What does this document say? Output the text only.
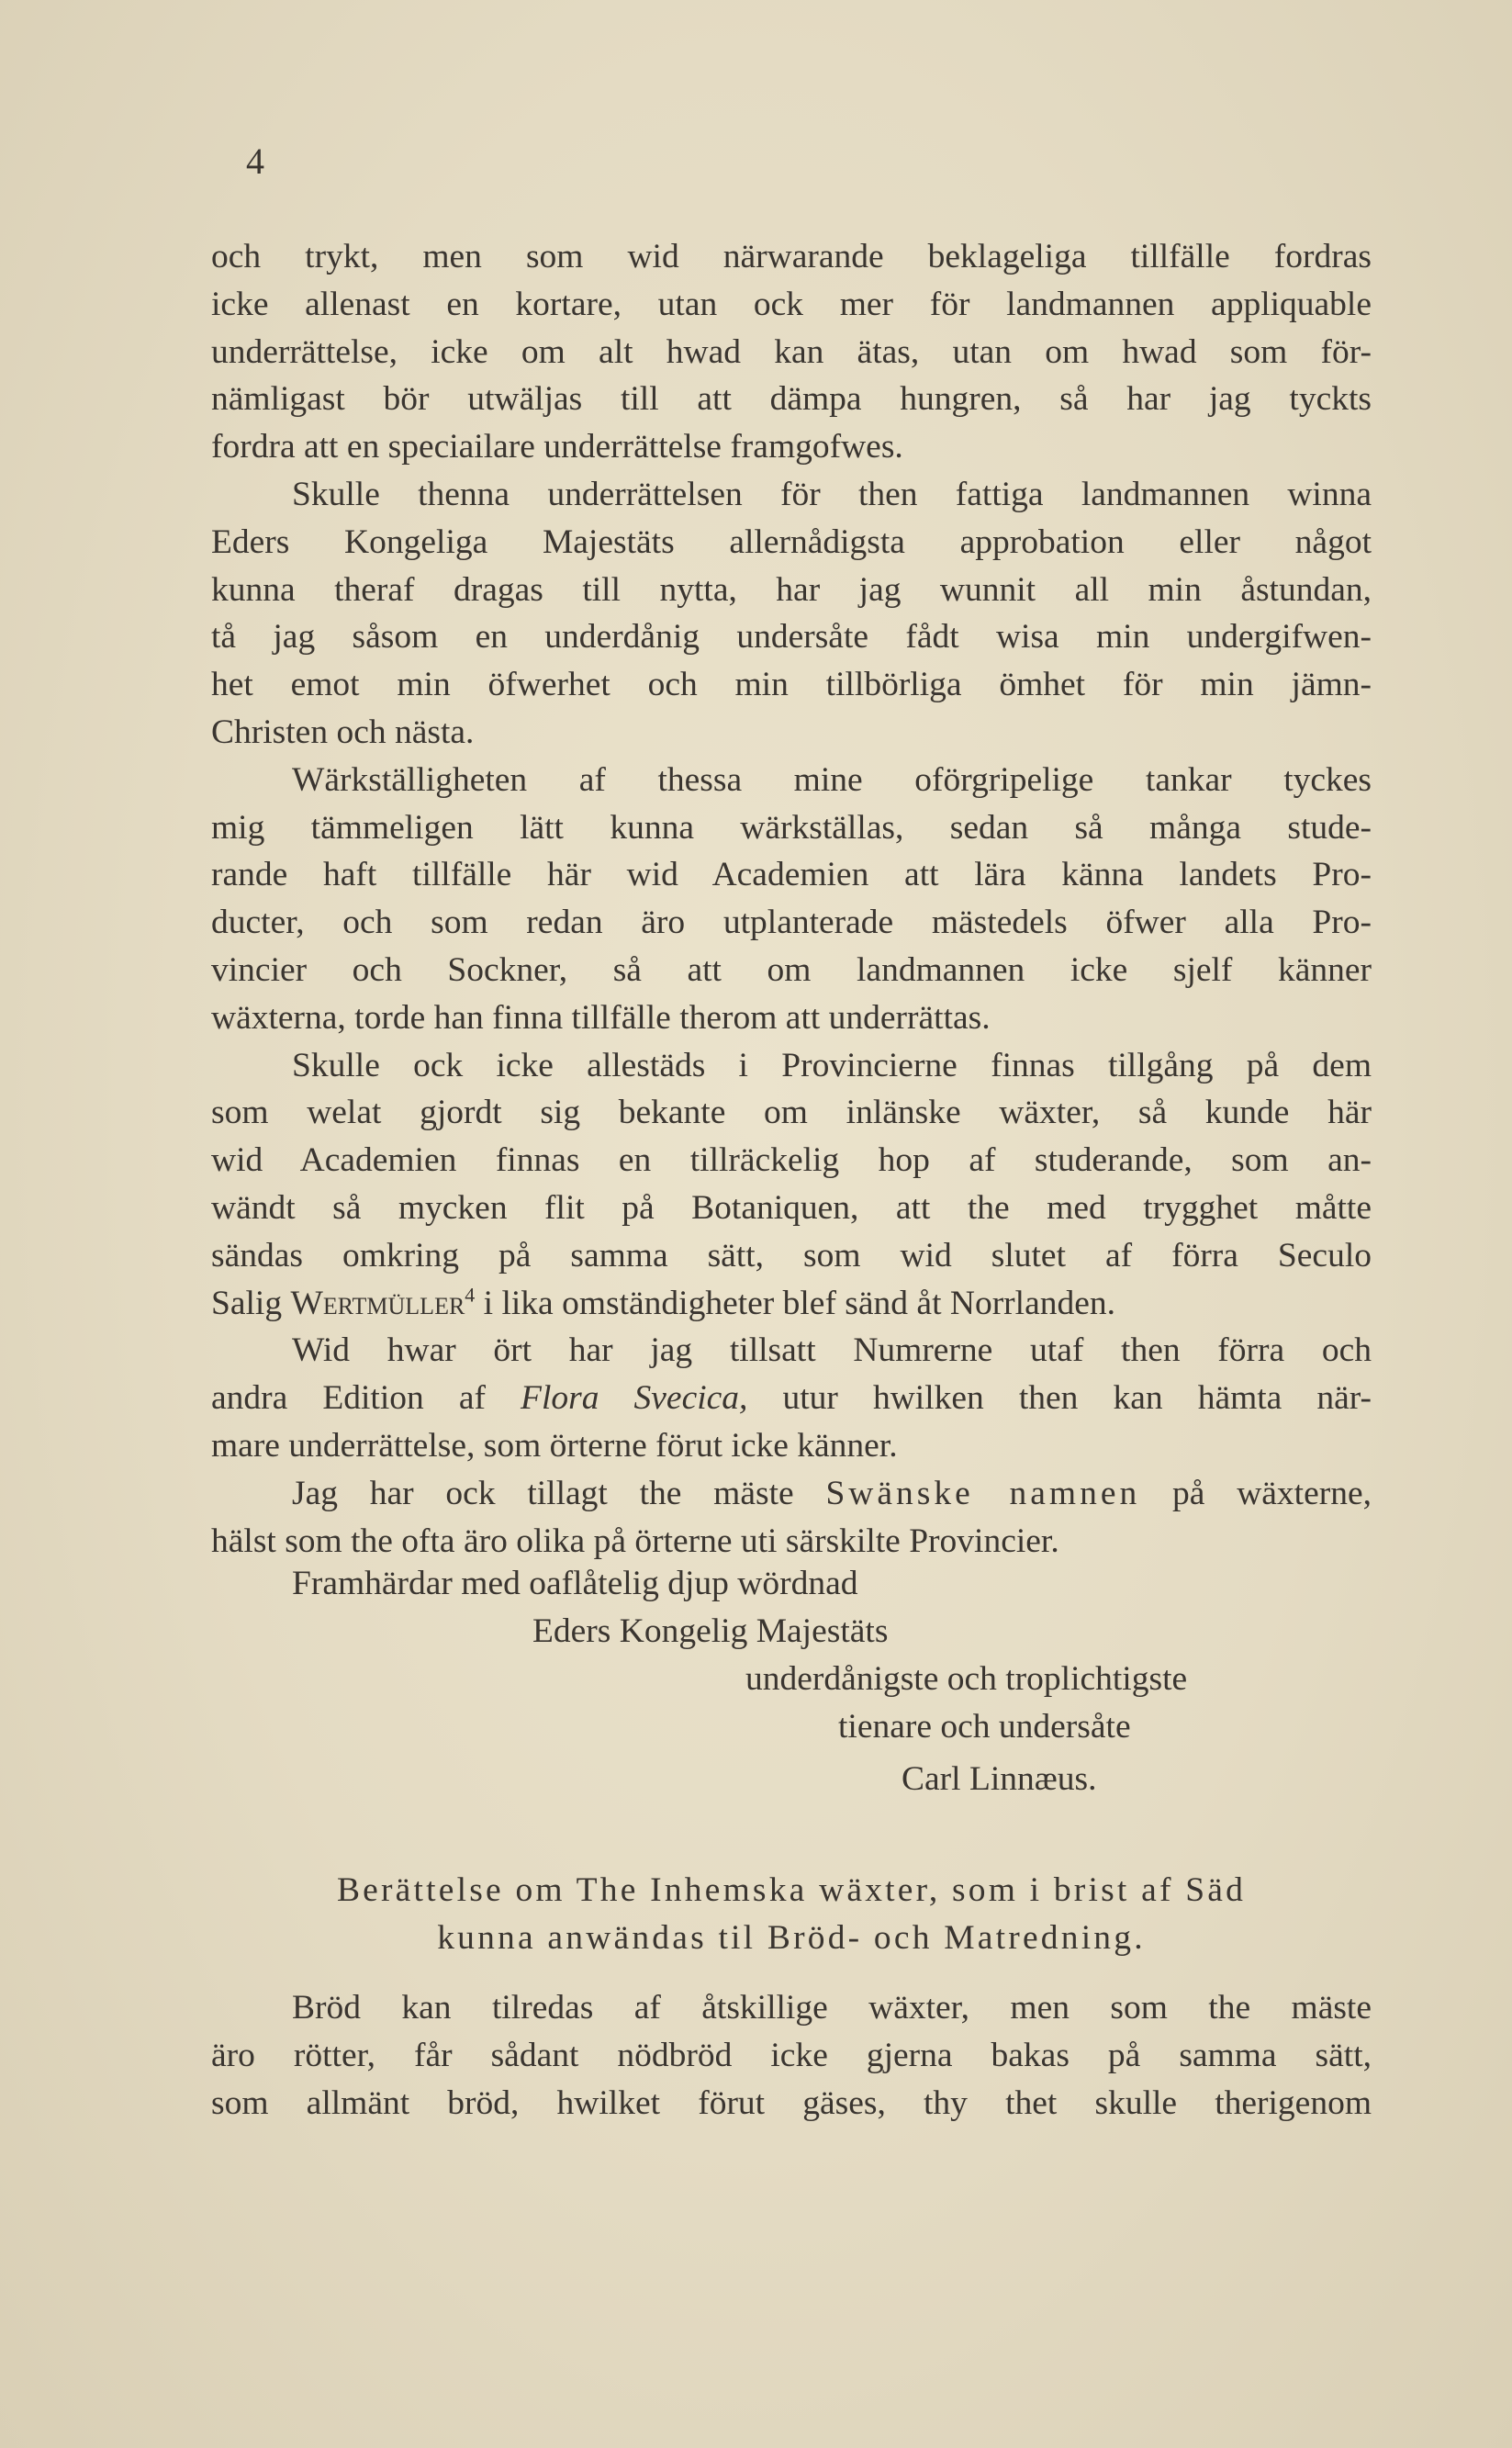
4
och trykt, men som wid närwarande beklageliga tillfälle fordras
icke allenast en kortare, utan ock mer för landmannen appliquable
underrättelse, icke om alt hwad kan ätas, utan om hwad som för-
nämligast bör utwäljas till att dämpa hungren, så har jag tyckts
fordra att en speciailare underrättelse framgofwes.
Skulle thenna underrättelsen för then fattiga landmannen winna
Eders Kongeliga Majestäts allernådigsta approbation eller något
kunna theraf dragas till nytta, har jag wunnit all min åstundan,
tå jag såsom en underdånig undersåte fådt wisa min undergifwen-
het emot min öfwerhet och min tillbörliga ömhet för min jämn-
Christen och nästa.
Wärkställigheten af thessa mine oförgripelige tankar tyckes
mig tämmeligen lätt kunna wärkställas, sedan så många stude-
rande haft tillfälle här wid Academien att lära känna landets Pro-
ducter, och som redan äro utplanterade mästedels öfwer alla Pro-
vincier och Sockner, så att om landmannen icke sjelf känner
wäxterna, torde han finna tillfälle therom att underrättas.
Skulle ock icke allestäds i Provincierne finnas tillgång på dem
som welat gjordt sig bekante om inlänske wäxter, så kunde här
wid Academien finnas en tillräckelig hop af studerande, som an-
wändt så mycken flit på Botaniquen, att the med trygghet måtte
sändas omkring på samma sätt, som wid slutet af förra Seculo
Salig Wertmüller$^4$ i lika omständigheter blef sänd åt Norrlanden.
Wid hwar ört har jag tillsatt Numrerne utaf then förra och
andra Edition af Flora Svecica, utur hwilken then kan hämta när-
mare underrättelse, som örterne förut icke känner.
Jag har ock tillagt the mäste Swänske namnen på wäxterne,
hälst som the ofta äro olika på örterne uti särskilte Provincier.
Framhärdar med oaflåtelig djup wördnad
Eders Kongelig Majestäts
underdånigste och troplichtigste
tienare och undersåte
Carl Linnæus.
Berättelse om The Inhemska wäxter, som i brist af Säd
kunna anwändas til Bröd- och Matredning.
Bröd kan tilredas af åtskillige wäxter, men som the mäste
äro rötter, får sådant nödbröd icke gjerna bakas på samma sätt,
som allmänt bröd, hwilket förut gäses, thy thet skulle therigenom
